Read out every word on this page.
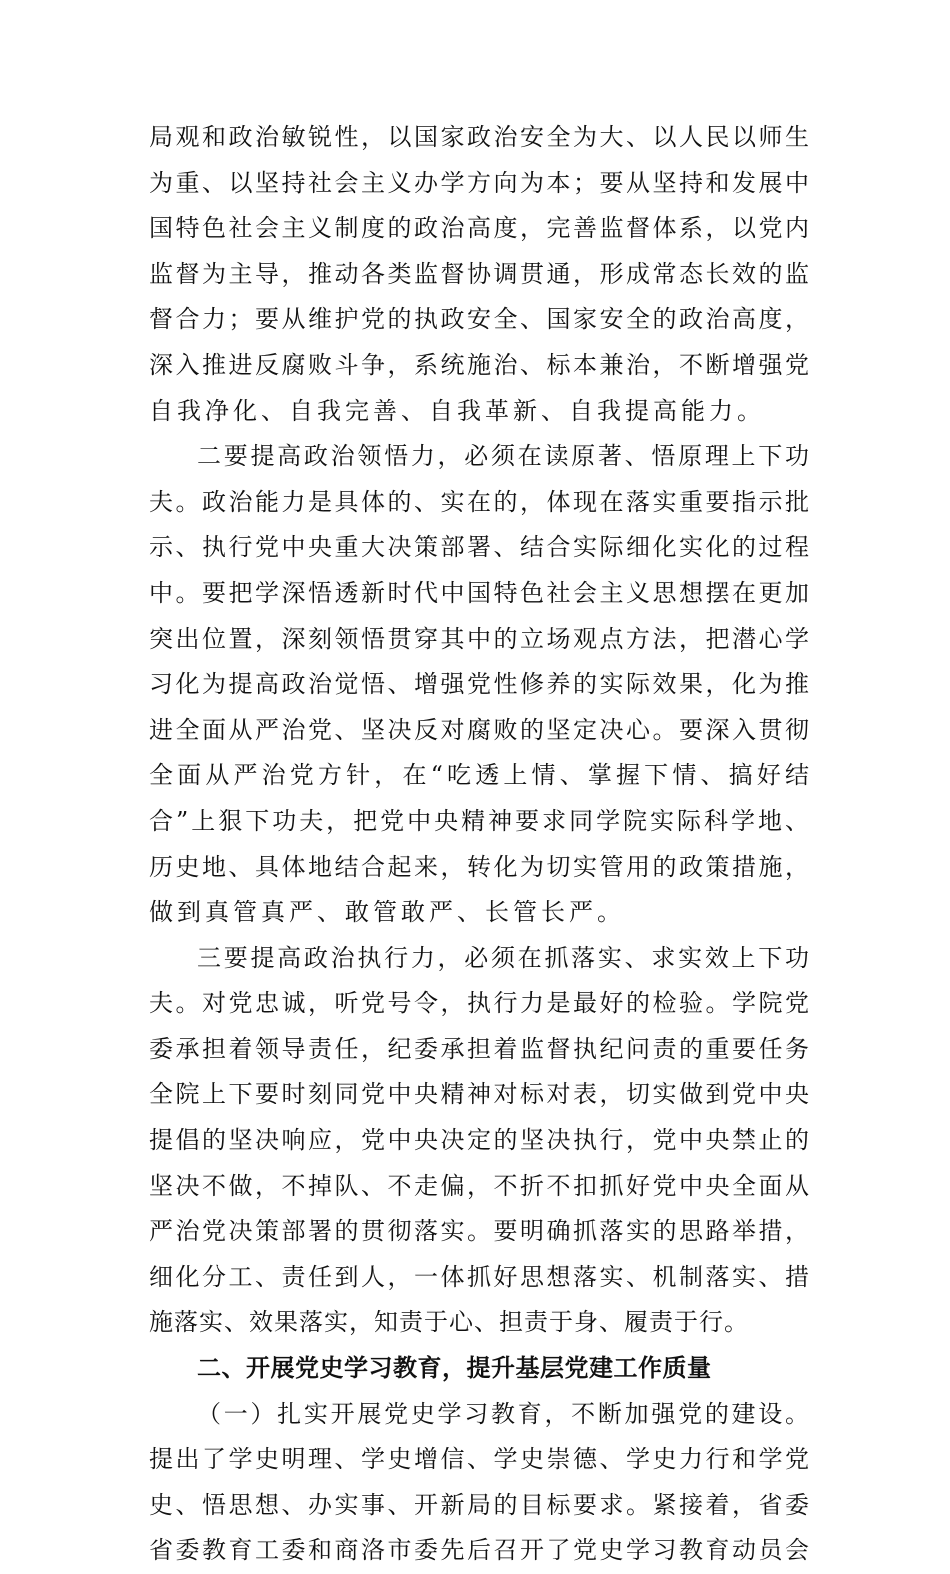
局观和政治敏锐性，以国家政治安全为大、以人民以师生
为重、以坚持社会主义办学方向为本；要从坚持和发展中
国特色社会主义制度的政治高度，完善监督体系，以党内
监督为主导，推动各类监督协调贯通，形成常态长效的监
督合力；要从维护党的执政安全、国家安全的政治高度，
深入推进反腐败斗争，系统施治、标本兼治，不断增强党
自我净化、自我完善、自我革新、自我提高能力。
二要提高政治领悟力，必须在读原著、悟原理上下功
夫。政治能力是具体的、实在的，体现在落实重要指示批
示、执行党中央重大决策部署、结合实际细化实化的过程
中。要把学深悟透新时代中国特色社会主义思想摆在更加
突出位置，深刻领悟贯穿其中的立场观点方法，把潜心学
习化为提高政治觉悟、增强党性修养的实际效果，化为推
进全面从严治党、坚决反对腐败的坚定决心。要深入贯彻
全面从严治党方针，在“吃透上情、掌握下情、搞好结
合”上狠下功夫，把党中央精神要求同学院实际科学地、
历史地、具体地结合起来，转化为切实管用的政策措施，
做到真管真严、敢管敢严、长管长严。
三要提高政治执行力，必须在抓落实、求实效上下功
夫。对党忠诚，听党号令，执行力是最好的检验。学院党
委承担着领导责任，纪委承担着监督执纪问责的重要任务
全院上下要时刻同党中央精神对标对表，切实做到党中央
提倡的坚决响应，党中央决定的坚决执行，党中央禁止的
坚决不做，不掉队、不走偏，不折不扣抓好党中央全面从
严治党决策部署的贯彻落实。要明确抓落实的思路举措，
细化分工、责任到人，一体抓好思想落实、机制落实、措
施落实、效果落实，知责于心、担责于身、履责于行。
二、开展党史学习教育，提升基层党建工作质量
（一）扎实开展党史学习教育，不断加强党的建设。
提出了学史明理、学史增信、学史崇德、学史力行和学党
史、悟思想、办实事、开新局的目标要求。紧接着，省委
省委教育工委和商洛市委先后召开了党史学习教育动员会
